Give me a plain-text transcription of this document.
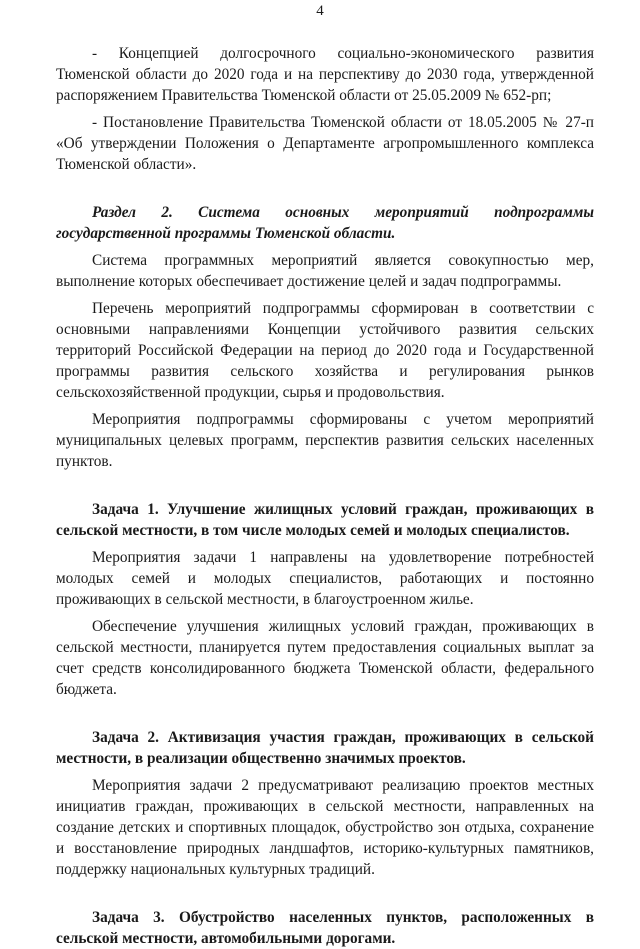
4

- Концепцией долгосрочного социально-экономического развития Тюменской области до 2020 года и на перспективу до 2030 года, утвержденной распоряжением Правительства Тюменской области от 25.05.2009 № 652-рп;

- Постановление Правительства Тюменской области от 18.05.2005 № 27-п «Об утверждении Положения о Департаменте агропромышленного комплекса Тюменской области».

Раздел 2. Система основных мероприятий подпрограммы государственной программы Тюменской области.

Система программных мероприятий является совокупностью мер, выполнение которых обеспечивает достижение целей и задач подпрограммы.

Перечень мероприятий подпрограммы сформирован в соответствии с основными направлениями Концепции устойчивого развития сельских территорий Российской Федерации на период до 2020 года и Государственной программы развития сельского хозяйства и регулирования рынков сельскохозяйственной продукции, сырья и продовольствия.

Мероприятия подпрограммы сформированы с учетом мероприятий муниципальных целевых программ, перспектив развития сельских населенных пунктов.

Задача 1. Улучшение жилищных условий граждан, проживающих в сельской местности, в том числе молодых семей и молодых специалистов.

Мероприятия задачи 1 направлены на удовлетворение потребностей молодых семей и молодых специалистов, работающих и постоянно проживающих в сельской местности, в благоустроенном жилье.

Обеспечение улучшения жилищных условий граждан, проживающих в сельской местности, планируется путем предоставления социальных выплат за счет средств консолидированного бюджета Тюменской области, федерального бюджета.

Задача 2. Активизация участия граждан, проживающих в сельской местности, в реализации общественно значимых проектов.

Мероприятия задачи 2 предусматривают реализацию проектов местных инициатив граждан, проживающих в сельской местности, направленных на создание детских и спортивных площадок, обустройство зон отдыха, сохранение и восстановление природных ландшафтов, историко-культурных памятников, поддержку национальных культурных традиций.

Задача 3. Обустройство населенных пунктов, расположенных в сельской местности, автомобильными дорогами.
